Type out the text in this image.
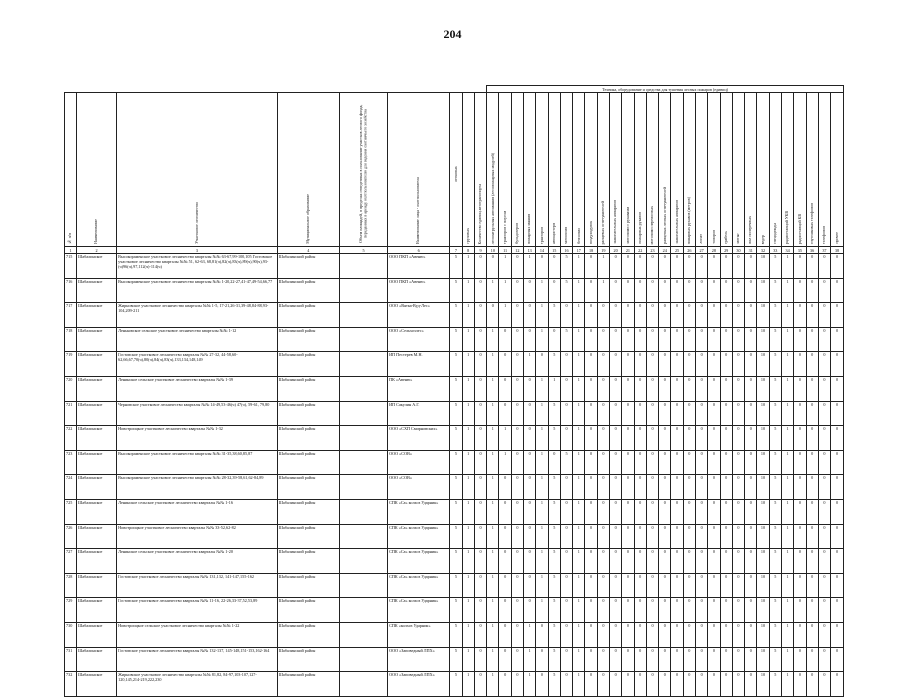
204
									Техника, оборудование и средства для тушения лесных пожаров (единиц)																												

№ п/п	Наименование	Участковое лесничество	Муниципальное образование	Объем площадей, в пределах отведенных в пользование участков лесного фонда, переданных в аренду охотпользователю для ведения охотничьего хозяйства	Наименование лица - охотпользователя	легковых	грузовых	Количество единиц автотранспорта	лесопатрульных автомашин (лесопожарных модулей)	тракторов с плугом	бульдозеров	пожарных машин	тракторов	автоцистерн	мотопомп	бензопил	воздуходувок	ранцевых огнетушителей	зажигательных аппаратов	мотопомп с рукавами	пожарных рукавов	мотопомп переносных	ранцевых лесных огнетушителей	зажигательных аппаратов	пожарных рукавов (метров)	лопат	топоров	грабель	мотыг	пил поперечных	ведер	спецодежды	радиостанций УКВ	радиостанций КВ	спутниковых телефонов	телефонов	прочее

1	2	3	4	5	6	7	8	9	10	11	12	13	14	15	16	17	18	19	20	21	22	23	24	25	26	27	28	29	30	31	32	33	34	35	36	37	38
715	Шабалинское	Высокораменское участковое лесничество кварталы №№ 63-67,99-100,105 Гостовское участковое лесничество кварталы №№ 51, 62-63, 68,81(ч),82(ч),83(ч),89(ч),90(ч),93-(ч)96(ч),97,112(ч)-114(ч)	Шабалинский район		ООО ПКП «Авеню»	5	1	0	0	1	0	1	0	0	5	1	0	1	0	0	0	0	0	0	0	0	0	0	0	0	10	5	1	0	0	0	0
716	Шабалинское	Высокораменское участковое лесничество кварталы №№ 1-20,22-27,41-47,49-54,66,77	Шабалинский район		ООО ПКП «Авеню»	5	1	0	1	1	0	0	1	0	5	1	0	1	0	0	0	0	0	0	0	0	0	0	0	0	10	5	1	0	0	0	0
717	Шабалинское	Жирновское участковое лесничество кварталы №№ 1-5, 17-21,26-31,39-48,84-88,93-104,209-211	Шабалинский район		ООО «Вятка-Вуд-Лес»	5	1	0	0	1	0	0	1	5	0	1	0	0	0	0	0	0	0	0	0	0	0	0	0	0	10	5	1	0	0	0	0
718	Шабалинское	Леньковское сельское участковое лесничество кварталы №№ 1-12	Шабалинский район		ООО «Сельхозлес»	5	1	0	1	0	0	0	1	0	5	1	0	0	0	0	0	0	0	0	0	0	0	0	0	0	10	5	1	0	0	0	0
719	Шабалинское	Гостовское участковое лесничество кварталы №№ 27-32, 44-58,60-62,66,67,70(ч),80(ч),84(ч),83(ч),133,134,148,149	Шабалинский район		ИП Пестерев М.Н.	5	1	0	1	0	0	1	0	5	0	1	0	0	0	0	0	0	0	0	0	0	0	0	0	0	10	5	1	0	0	0	0
720	Шабалинское	Ленинское сельское участковое лесничество кварталы №№ 1-39	Шабалинский район		ПК «Авеню»	5	1	0	1	0	0	0	1	1	0	1	0	0	0	0	0	0	0	0	0	0	0	0	0	0	10	5	1	0	0	0	0
721	Шабалинское	Черновское участковое лесничество кварталы №№ 14-49,53-46(ч) 47(ч), 59-61, 79,80	Шабалинский район		ИП Сакулин А.Г.	5	1	0	1	0	0	0	1	5	0	1	0	0	0	0	0	0	0	0	0	0	0	0	0	0	10	5	1	0	0	0	0
722	Шабалинское	Новотроицкое участковое лесничество кварталы №№ 1-32	Шабалинский район		ООО «СХП Смирновских»	5	1	0	1	1	0	0	1	5	0	1	0	0	0	0	0	0	0	0	0	0	0	0	0	0	10	5	1	0	0	0	0
723	Шабалинское	Высокораменское участковое лесничество кварталы №№ 31-35,38,60,85,87	Шабалинский район		ООО «СОВ»	5	1	0	1	1	0	0	1	0	5	1	0	0	0	0	0	0	0	0	0	0	0	0	0	0	10	5	1	0	0	0	0
724	Шабалинское	Высокораменское участковое лесничество кварталы №№ 28-32,39-58,61,62-84,89	Шабалинский район		ООО «СОВ»	5	1	0	1	0	0	0	1	5	0	1	0	0	0	0	0	0	0	0	0	0	0	0	0	0	10	5	1	0	0	0	0
725	Шабалинское	Ленинское сельское участковое лесничество кварталы №№ 1-16	Шабалинский район		СПК «Са» колхоз Ударник»	5	1	0	1	0	0	0	1	5	0	1	0	0	0	0	0	0	0	0	0	0	0	0	0	0	10	5	1	0	0	0	0
726	Шабалинское	Новотроицкое участковое лесничество кварталы №№ 33-52,62-82	Шабалинский район		СПК «Са» колхоз Ударник»	5	1	0	1	0	0	0	1	5	0	1	0	0	0	0	0	0	0	0	0	0	0	0	0	0	10	5	1	0	0	0	0
727	Шабалинское	Ленинское сельское участковое лесничество кварталы №№ 1-20	Шабалинский район		СПК «Са» колхоз Ударник»	5	1	0	1	0	0	0	1	5	0	1	0	0	0	0	0	0	0	0	0	0	0	0	0	0	10	5	1	0	0	0	0
728	Шабалинское	Гостовское участковое лесничество кварталы №№ 131,132, 141-147,155-162	Шабалинский район		СПК «Са» колхоз Ударник»	5	1	0	1	0	0	0	1	5	0	1	0	0	0	0	0	0	0	0	0	0	0	0	0	0	10	5	1	0	0	0	0
729	Шабалинское	Гостовское участковое лесничество кварталы №№ 11-16, 22-26,33-37,52,53,89	Шабалинский район		СПК «Са» колхоз Ударник»	5	1	0	1	0	0	0	1	5	0	1	0	0	0	0	0	0	0	0	0	0	0	0	0	0	10	5	1	0	0	0	0
730	Шабалинское	Новотроицкое сельское участковое лесничество кварталы №№ 1-22	Шабалинский район		СПК «колхоз Ударник»	5	1	0	1	0	0	1	0	5	0	1	0	0	0	0	0	0	0	0	0	0	0	0	0	0	10	5	1	0	0	0	0
731	Шабалинское	Гостовское участковое лесничество кварталы №№ 132-137, 145-148,151-153,162-164	Шабалинский район		ООО «Заповедный ЛПХ»	5	1	0	1	0	0	1	0	5	0	1	0	0	0	0	0	0	0	0	0	0	0	0	0	0	10	5	1	0	0	0	0
732	Шабалинское	Жирновское участковое лесничество кварталы №№ 81,82, 84-97,103-107,127-120,145,214-219,222,230	Шабалинский район		ООО «Заповедный ЛПХ»	5	1	0	1	0	0	1	0	5	0	1	0	0	0	0	0	0	0	0	0	0	0	0	0	0	10	5	1	0	0	0	0
